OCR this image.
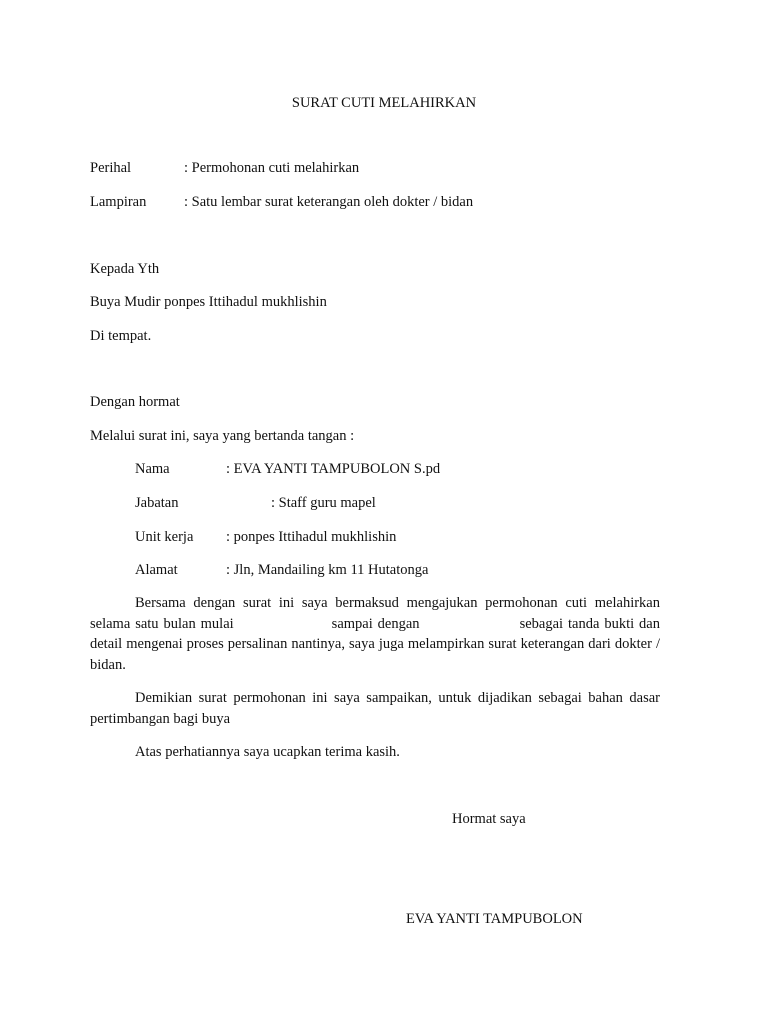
SURAT CUTI MELAHIRKAN
Perihal	: Permohonan cuti melahirkan
Lampiran	: Satu lembar surat keterangan oleh dokter / bidan
Kepada Yth
Buya Mudir ponpes Ittihadul mukhlishin
Di tempat.
Dengan hormat
Melalui surat ini, saya yang bertanda tangan :
Nama	: EVA YANTI TAMPUBOLON S.pd
Jabatan	: Staff guru mapel
Unit kerja : ponpes Ittihadul mukhlishin
Alamat	: Jln, Mandailing km 11 Hutatonga
Bersama dengan surat ini saya bermaksud mengajukan permohonan cuti melahirkan selama satu bulan mulai	sampai dengan	sebagai tanda bukti dan detail mengenai proses persalinan nantinya, saya juga melampirkan surat keterangan dari dokter / bidan.
Demikian surat permohonan ini saya sampaikan, untuk dijadikan sebagai bahan dasar pertimbangan bagi buya
Atas perhatiannya saya ucapkan terima kasih.
Hormat saya
EVA YANTI TAMPUBOLON
